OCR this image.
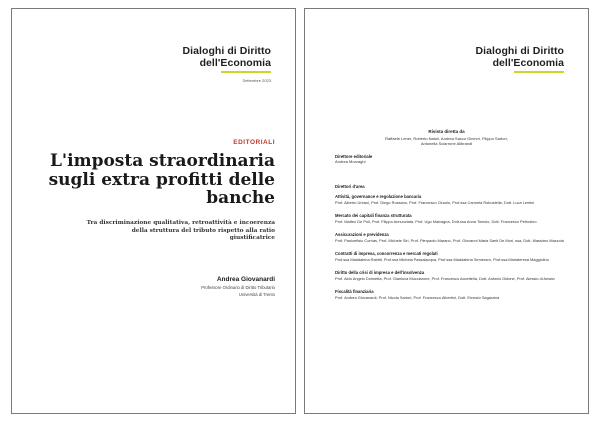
Dialoghi di Diritto
dell'Economia
Settembre 2023
EDITORIALI
L'imposta straordinaria sugli extra profitti delle banche
Tra discriminazione qualitativa, retroattività e incoerenza della struttura del tributo rispetto alla ratio giustificatrice
Andrea Giovanardi
Professore Ordinario di Diritto Tributario
Università di Trento
Dialoghi di Diritto
dell'Economia
Rivista diretta da
Raffaele Lener, Roberto Natoli, Andrea Sacco Ginevri, Filippo Sartori,
Antonella Sciarrone Alibrandi
Direttore editoriale
Andrea Morzaghi
Direttori d'area
Attività, governance e regolazione bancaria
Prof. Alberto Urbani, Prof. Diego Rossano, Prof. Francesco Ciraolo, Prof.ssa Carmela Robustella, Dott. Luca Lentini
Mercato dei capitali finanza strutturata
Prof. Matteo De Poli, Prof. Filippo Annunziata, Prof. Ugo Malvagna, Dott.ssa Anna Toniolo, Dott. Francesco Petrosino
Assicurazioni e previdenza
Prof. Paoloefisio Corrias, Prof. Michele Siri, Prof. Pierpaolo Marano, Prof. Giovanni Maria Santi De Mori, ssa, Dott. Massimo Mazzola
Contratti di impresa, concorrenza e mercati regolati
Prof.ssa Maddalena Rabitti, Prof.ssa Michela Passalacqua, Prof.ssa Maddalena Semeraro, Prof.ssa Mariateresa Maggiolino
Diritto della crisi di impresa e dell'insolvenza
Prof. Aldo Angelo Dolmetta, Prof. Gianluca Mucciarone, Prof. Francesco Accettella, Dott. Antonio Didone, Prof. Alessio di Amato
Fiscalità finanziaria
Prof. Andrea Giovanardi, Prof. Nicola Sartori, Prof. Francesco Albertini, Dott. Ernesto Sagarzina
